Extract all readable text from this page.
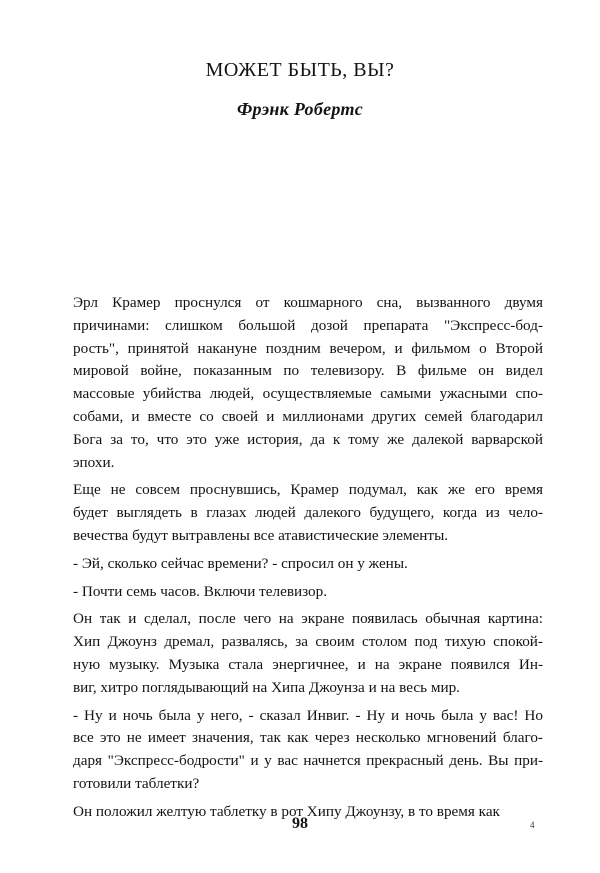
МОЖЕТ БЫТЬ, ВЫ?
Фрэнк Робертс
Эрл Крамер проснулся от кошмарного сна, вызванного двумя
причинами: слишком большой дозой препарата "Экспресс-бод-
рость", принятой накануне поздним вечером, и фильмом о Второй
мировой войне, показанным по телевизору. В фильме он видел
массовые убийства людей, осуществляемые самыми ужасными спо-
собами, и вместе со своей и миллионами других семей благодарил
Бога за то, что это уже история, да к тому же далекой варварской
эпохи.
Еще не совсем проснувшись, Крамер подумал, как же его время
будет выглядеть в глазах людей далекого будущего, когда из чело-
вечества будут вытравлены все атавистические элементы.
- Эй, сколько сейчас времени? - спросил он у жены.
- Почти семь часов. Включи телевизор.
Он так и сделал, после чего на экране появилась обычная картина:
Хип Джоунз дремал, развалясь, за своим столом под тихую спокой-
ную музыку. Музыка стала энергичнее, и на экране появился Ин-
виг, хитро поглядывающий на Хипа Джоунза и на весь мир.
- Ну и ночь была у него, - сказал Инвиг. - Ну и ночь была у вас! Но
все это не имеет значения, так как через несколько мгновений благо-
даря "Экспресс-бодрости" и у вас начнется прекрасный день. Вы при-
готовили таблетки?
Он положил желтую таблетку в рот Хипу Джоунзу, в то время как
98	4
